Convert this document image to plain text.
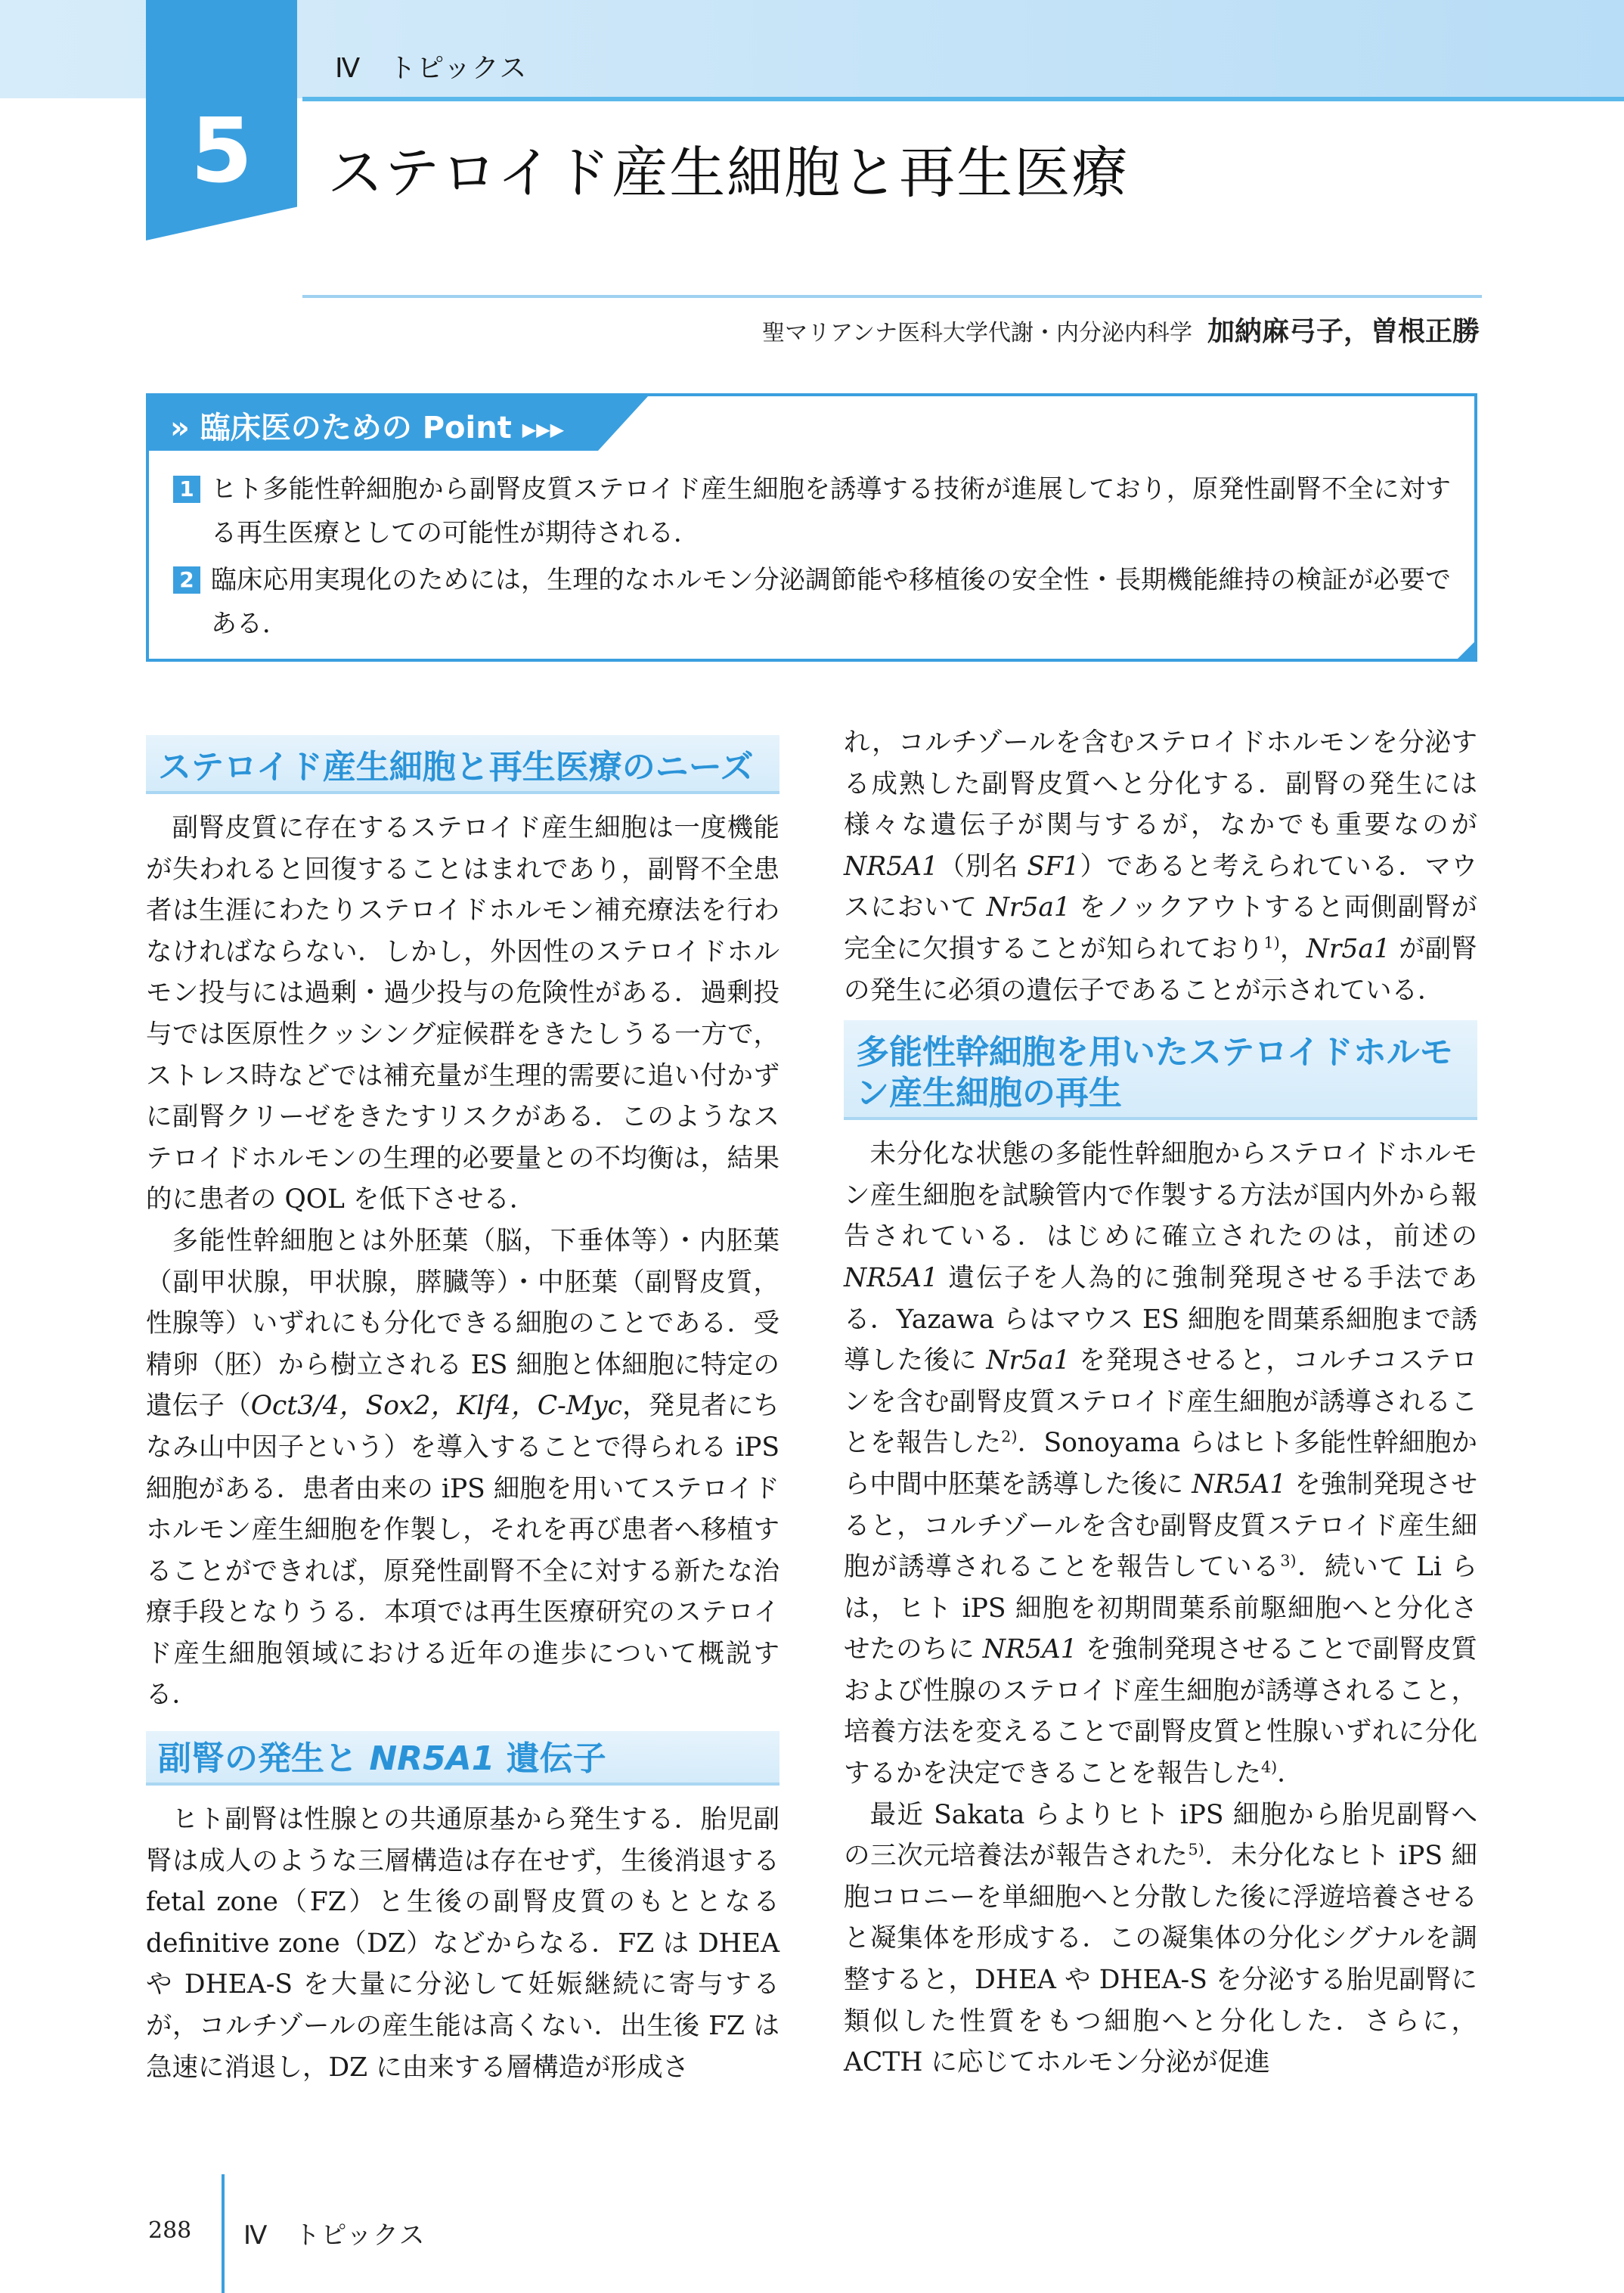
5
Ⅳ　トピックス
ステロイド産生細胞と再生医療
聖マリアンナ医科大学代謝・内分泌内科学 加納麻弓子，曽根正勝
» 臨床医のための Point ▶▶▶
1 ヒト多能性幹細胞から副腎皮質ステロイド産生細胞を誘導する技術が進展しており，原発性副腎不全に対する再生医療としての可能性が期待される．
2 臨床応用実現化のためには，生理的なホルモン分泌調節能や移植後の安全性・長期機能維持の検証が必要である．
ステロイド産生細胞と再生医療のニーズ

副腎皮質に存在するステロイド産生細胞は一度機能が失われると回復することはまれであり，副腎不全患者は生涯にわたりステロイドホルモン補充療法を行わなければならない．しかし，外因性のステロイドホルモン投与には過剰・過少投与の危険性がある．過剰投与では医原性クッシング症候群をきたしうる一方で，ストレス時などでは補充量が生理的需要に追い付かずに副腎クリーゼをきたすリスクがある．このようなステロイドホルモンの生理的必要量との不均衡は，結果的に患者の QOL を低下させる．

多能性幹細胞とは外胚葉（脳，下垂体等）・内胚葉（副甲状腺，甲状腺，膵臓等）・中胚葉（副腎皮質，性腺等）いずれにも分化できる細胞のことである．受精卵（胚）から樹立される ES 細胞と体細胞に特定の遺伝子（Oct3/4，Sox2，Klf4，C-Myc，発見者にちなみ山中因子という）を導入することで得られる iPS 細胞がある．患者由来の iPS 細胞を用いてステロイドホルモン産生細胞を作製し，それを再び患者へ移植することができれば，原発性副腎不全に対する新たな治療手段となりうる．本項では再生医療研究のステロイド産生細胞領域における近年の進歩について概説する．

副腎の発生と NR5A1 遺伝子

ヒト副腎は性腺との共通原基から発生する．胎児副腎は成人のような三層構造は存在せず，生後消退する fetal zone（FZ）と生後の副腎皮質のもととなる definitive zone（DZ）などからなる．FZ は DHEA や DHEA-S を大量に分泌して妊娠継続に寄与するが，コルチゾールの産生能は高くない．出生後 FZ は急速に消退し，DZ に由来する層構造が形成さ

れ，コルチゾールを含むステロイドホルモンを分泌する成熟した副腎皮質へと分化する．副腎の発生には様々な遺伝子が関与するが，なかでも重要なのが NR5A1（別名 SF1）であると考えられている．マウスにおいて Nr5a1 をノックアウトすると両側副腎が完全に欠損することが知られており$^{1)}$，Nr5a1 が副腎の発生に必須の遺伝子であることが示されている．

多能性幹細胞を用いたステロイドホルモン産生細胞の再生

未分化な状態の多能性幹細胞からステロイドホルモン産生細胞を試験管内で作製する方法が国内外から報告されている．はじめに確立されたのは，前述の NR5A1 遺伝子を人為的に強制発現させる手法である．Yazawa らはマウス ES 細胞を間葉系細胞まで誘導した後に Nr5a1 を発現させると，コルチコステロンを含む副腎皮質ステロイド産生細胞が誘導されることを報告した$^{2)}$．Sonoyama らはヒト多能性幹細胞から中間中胚葉を誘導した後に NR5A1 を強制発現させると，コルチゾールを含む副腎皮質ステロイド産生細胞が誘導されることを報告している$^{3)}$．続いて Li らは，ヒト iPS 細胞を初期間葉系前駆細胞へと分化させたのちに NR5A1 を強制発現させることで副腎皮質および性腺のステロイド産生細胞が誘導されること，培養方法を変えることで副腎皮質と性腺いずれに分化するかを決定できることを報告した$^{4)}$．

最近 Sakata らよりヒト iPS 細胞から胎児副腎への三次元培養法が報告された$^{5)}$．未分化なヒト iPS 細胞コロニーを単細胞へと分散した後に浮遊培養させると凝集体を形成する．この凝集体の分化シグナルを調整すると，DHEA や DHEA-S を分泌する胎児副腎に類似した性質をもつ細胞へと分化した．さらに，ACTH に応じてホルモン分泌が促進

288 Ⅳ　トピックス
